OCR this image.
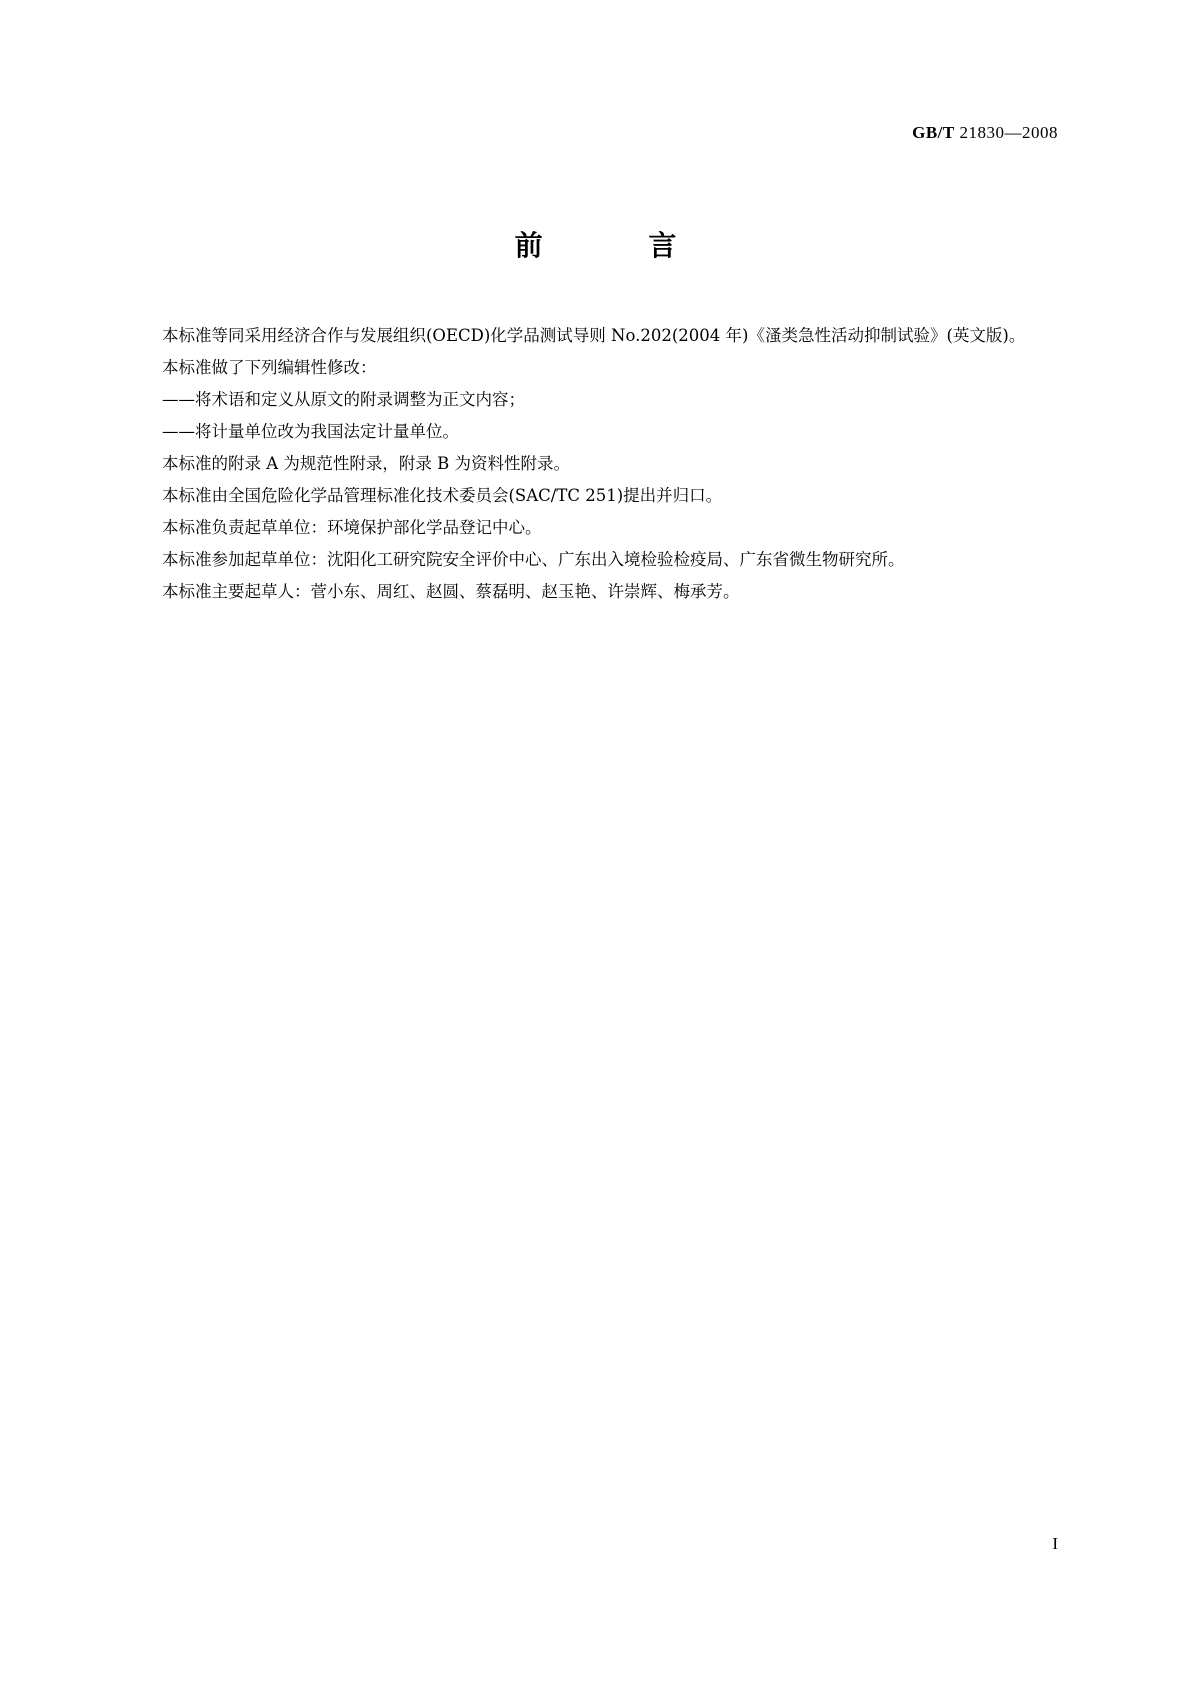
GB/T 21830—2008
前 言

本标准等同采用经济合作与发展组织(OECD)化学品测试导则 No.202(2004 年)《溞类急性活动抑制试验》(英文版)。

本标准做了下列编辑性修改：

——将术语和定义从原文的附录调整为正文内容；

——将计量单位改为我国法定计量单位。

本标准的附录 A 为规范性附录，附录 B 为资料性附录。

本标准由全国危险化学品管理标准化技术委员会(SAC/TC 251)提出并归口。

本标准负责起草单位：环境保护部化学品登记中心。

本标准参加起草单位：沈阳化工研究院安全评价中心、广东出入境检验检疫局、广东省微生物研究所。

本标准主要起草人：菅小东、周红、赵圆、蔡磊明、赵玉艳、许崇辉、梅承芳。

I
